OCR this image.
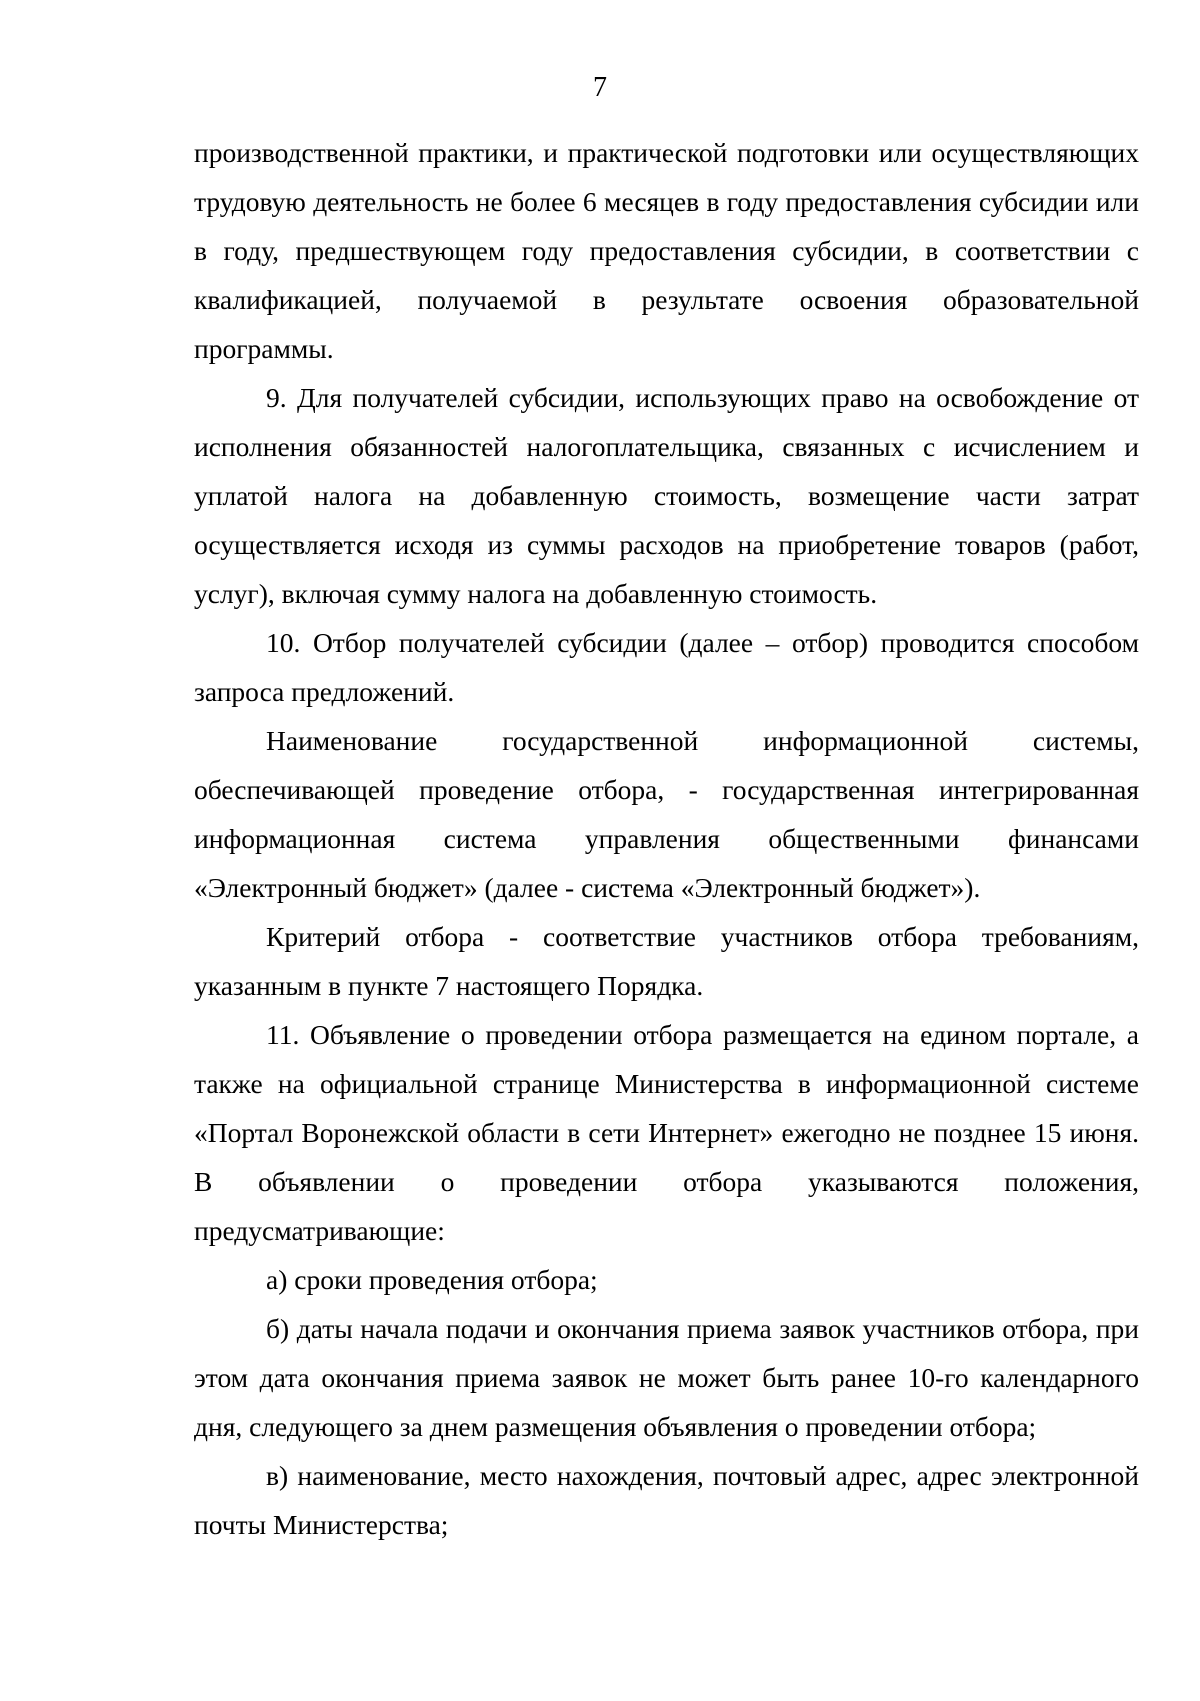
7

производственной практики, и практической подготовки или осуществляющих трудовую деятельность не более 6 месяцев в году предоставления субсидии или в году, предшествующем году предоставления субсидии, в соответствии с квалификацией, получаемой в результате освоения образовательной программы.

9. Для получателей субсидии, использующих право на освобождение от исполнения обязанностей налогоплательщика, связанных с исчислением и уплатой налога на добавленную стоимость, возмещение части затрат осуществляется исходя из суммы расходов на приобретение товаров (работ, услуг), включая сумму налога на добавленную стоимость.

10. Отбор получателей субсидии (далее – отбор) проводится способом запроса предложений.

Наименование государственной информационной системы, обеспечивающей проведение отбора, - государственная интегрированная информационная система управления общественными финансами «Электронный бюджет» (далее - система «Электронный бюджет»).

Критерий отбора - соответствие участников отбора требованиям, указанным в пункте 7 настоящего Порядка.

11. Объявление о проведении отбора размещается на едином портале, а также на официальной странице Министерства в информационной системе «Портал Воронежской области в сети Интернет» ежегодно не позднее 15 июня. В объявлении о проведении отбора указываются положения, предусматривающие:

а) сроки проведения отбора;

б) даты начала подачи и окончания приема заявок участников отбора, при этом дата окончания приема заявок не может быть ранее 10-го календарного дня, следующего за днем размещения объявления о проведении отбора;

в) наименование, место нахождения, почтовый адрес, адрес электронной почты Министерства;
